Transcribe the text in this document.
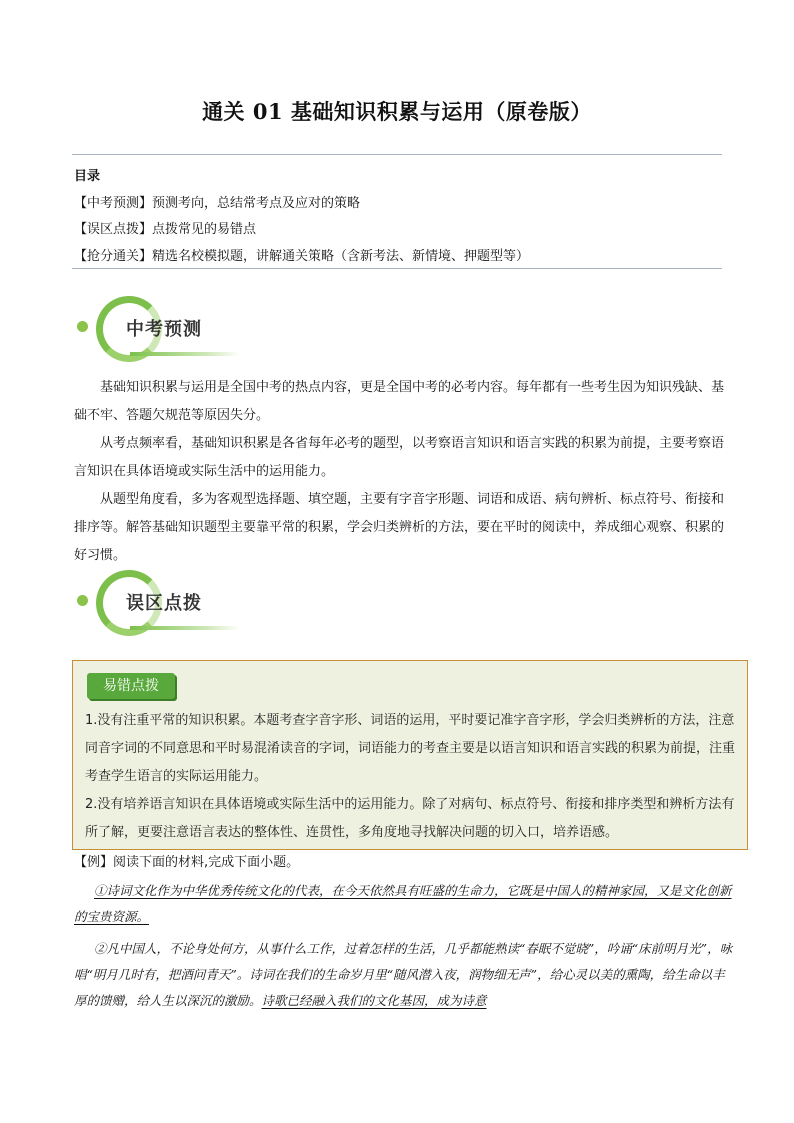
通关 01 基础知识积累与运用（原卷版）
目录
【中考预测】预测考向，总结常考点及应对的策略
【误区点拨】点拨常见的易错点
【抢分通关】精选名校模拟题，讲解通关策略（含新考法、新情境、押题型等）
中考预测

基础知识积累与运用是全国中考的热点内容，更是全国中考的必考内容。每年都有一些考生因为知识残缺、基础不牢、答题欠规范等原因失分。

从考点频率看，基础知识积累是各省每年必考的题型，以考察语言知识和语言实践的积累为前提，主要考察语言知识在具体语境或实际生活中的运用能力。

从题型角度看，多为客观型选择题、填空题，主要有字音字形题、词语和成语、病句辨析、标点符号、衔接和排序等。解答基础知识题型主要靠平常的积累，学会归类辨析的方法，要在平时的阅读中，养成细心观察、积累的好习惯。

误区点拨
易错点拨

1.没有注重平常的知识积累。本题考查字音字形、词语的运用，平时要记准字音字形，学会归类辨析的方法，注意同音字词的不同意思和平时易混淆读音的字词，词语能力的考查主要是以语言知识和语言实践的积累为前提，注重考查学生语言的实际运用能力。

2.没有培养语言知识在具体语境或实际生活中的运用能力。除了对病句、标点符号、衔接和排序类型和辨析方法有所了解，更要注意语言表达的整体性、连贯性，多角度地寻找解决问题的切入口，培养语感。

【例】阅读下面的材料,完成下面小题。

①诗词文化作为中华优秀传统文化的代表，在今天依然具有旺盛的生命力，它既是中国人的精神家园，又是文化创新的宝贵资源。

②凡中国人，不论身处何方，从事什么工作，过着怎样的生活，几乎都能熟读“春眠不觉晓”，吟诵“床前明月光”，咏唱“明月几时有，把酒问青天”。诗词在我们的生命岁月里“随风潜入夜，润物细无声”，给心灵以美的熏陶，给生命以丰厚的馈赠，给人生以深沉的激励。诗歌已经融入我们的文化基因，成为诗意
